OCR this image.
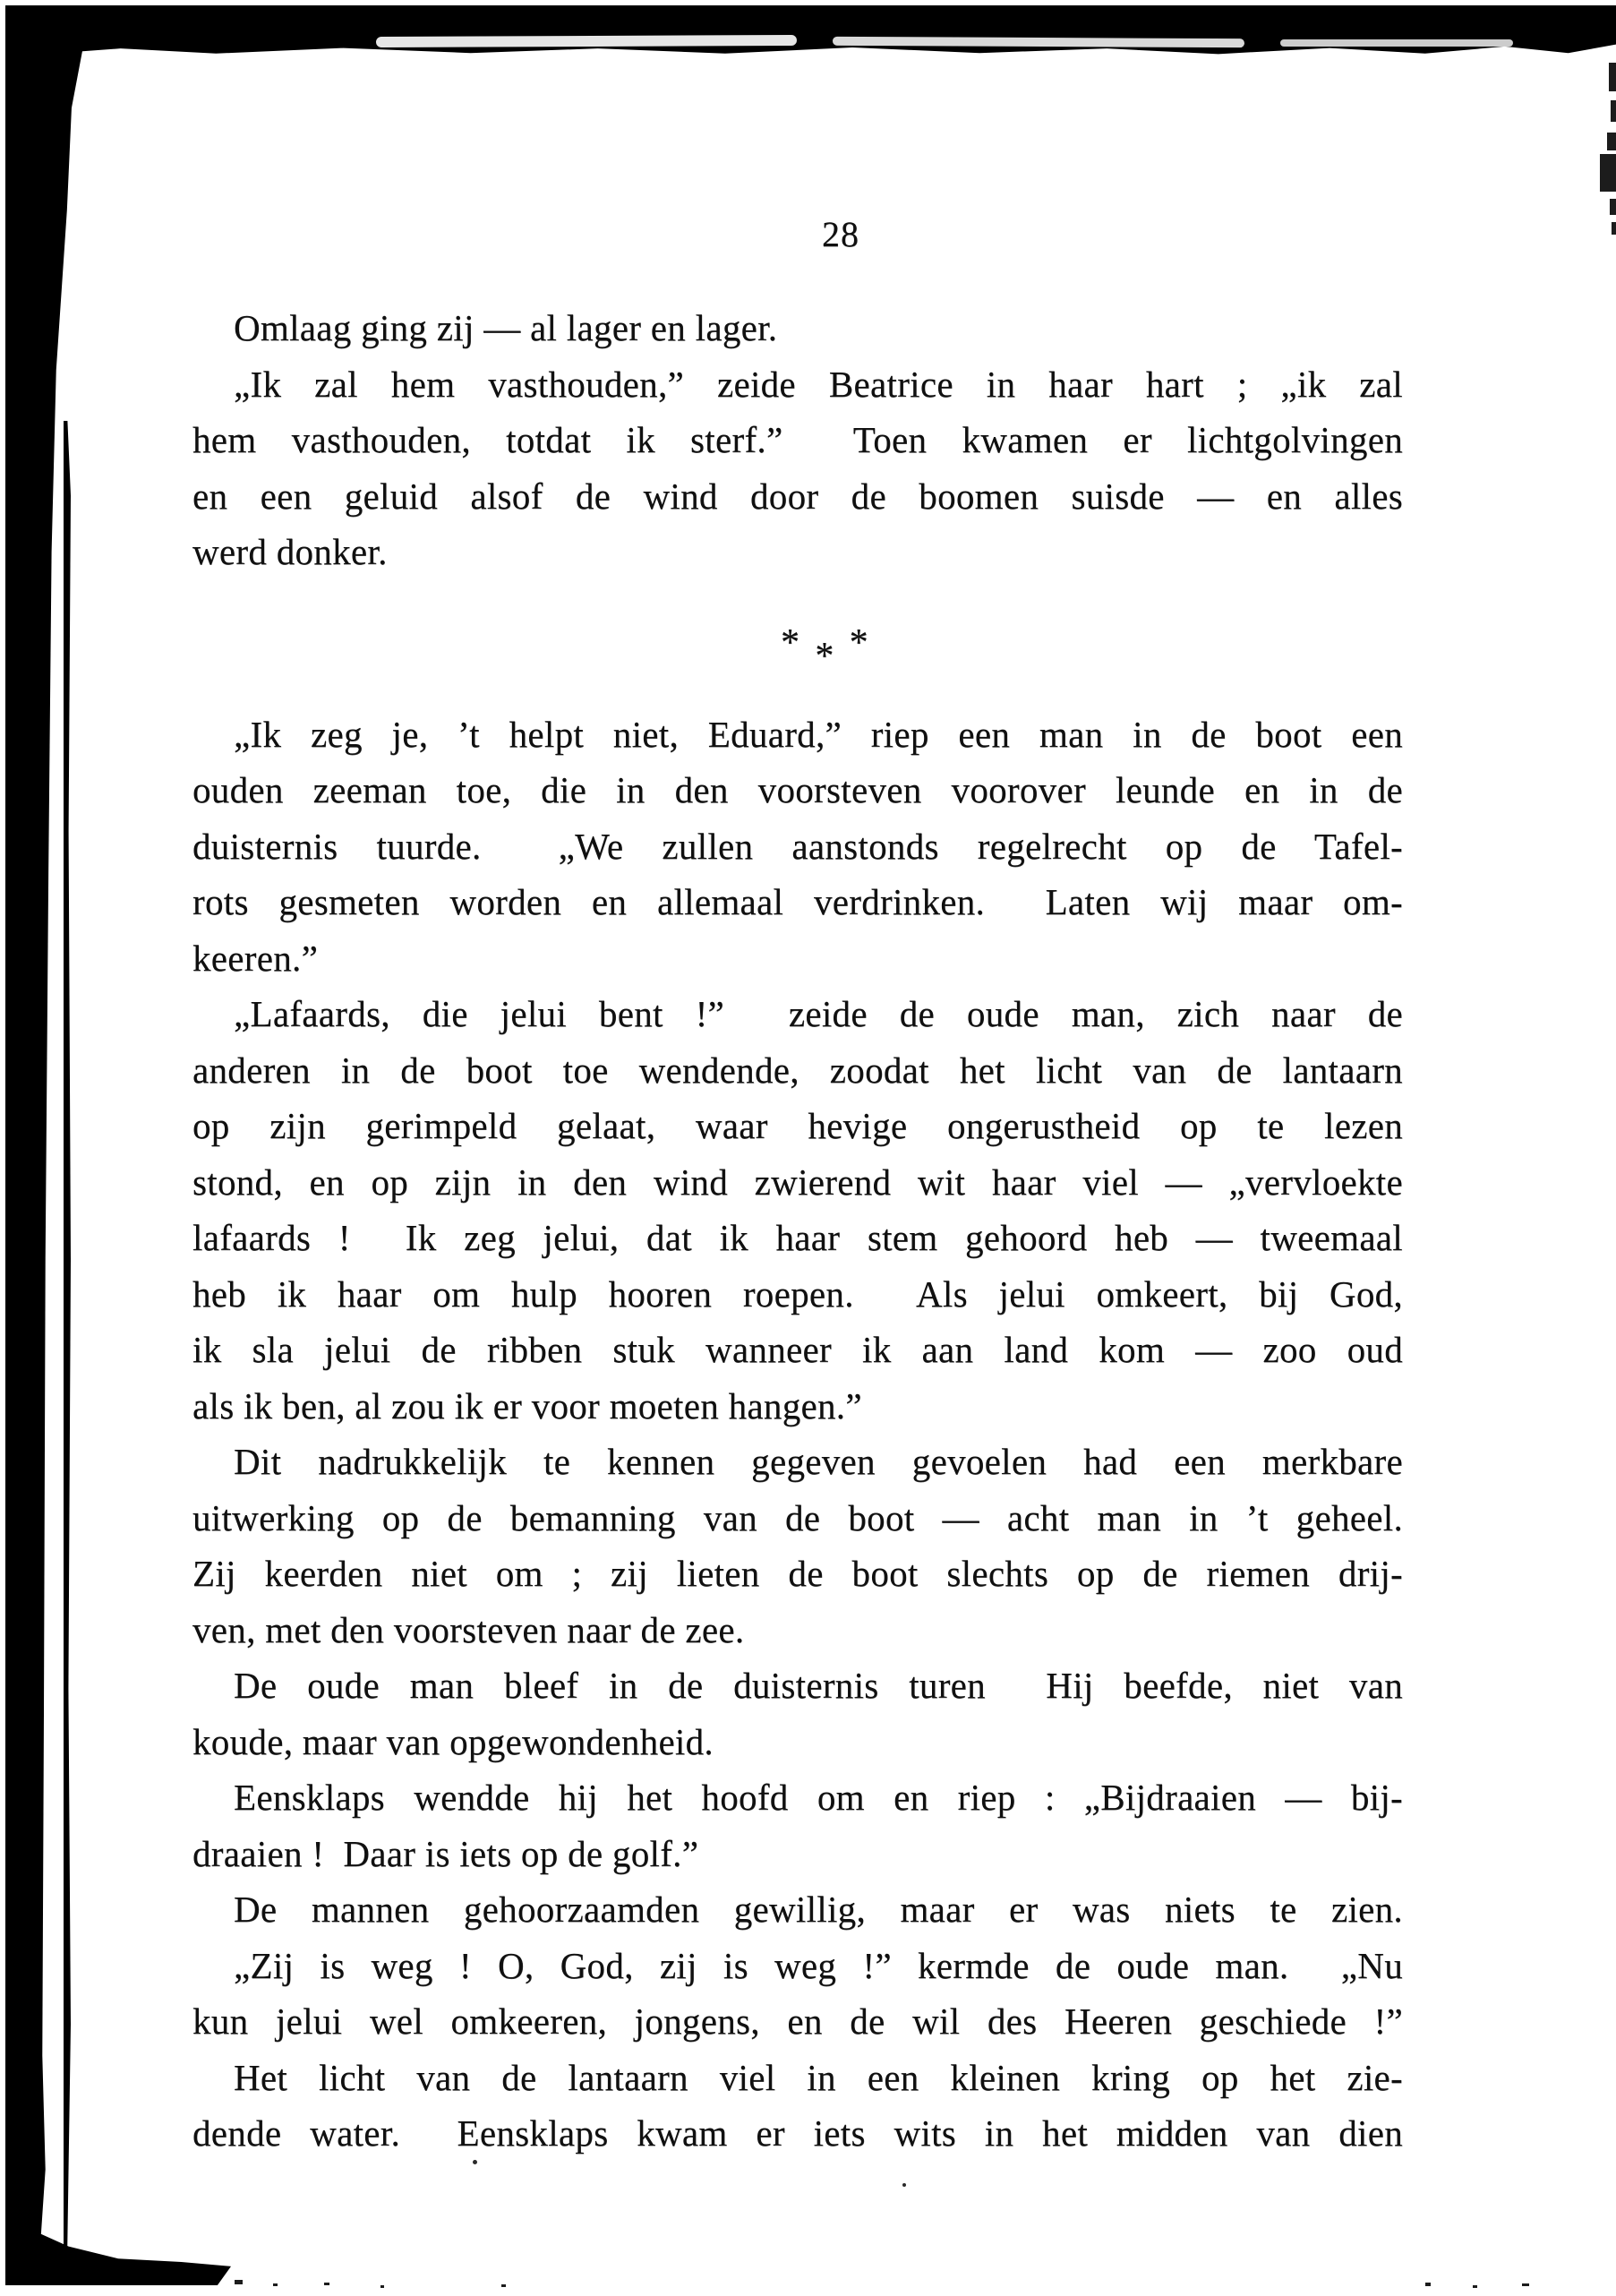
28
Omlaag ging zij — al lager en lager.
„Ik zal hem vasthouden,” zeide Beatrice in haar hart ; „ik zal
hem vasthouden, totdat ik sterf.”  Toen kwamen er lichtgolvingen
en een geluid alsof de wind door de boomen suisde — en alles
werd donker.
* * *
„Ik zeg je, ’t helpt niet, Eduard,” riep een man in de boot een
ouden zeeman toe, die in den voorsteven voorover leunde en in de
duisternis tuurde.  „We zullen aanstonds regelrecht op de Tafel-
rots gesmeten worden en allemaal verdrinken.  Laten wij maar om-
keeren.”
„Lafaards, die jelui bent !”  zeide de oude man, zich naar de
anderen in de boot toe wendende, zoodat het licht van de lantaarn
op zijn gerimpeld gelaat, waar hevige ongerustheid op te lezen
stond, en op zijn in den wind zwierend wit haar viel — „vervloekte
lafaards !  Ik zeg jelui, dat ik haar stem gehoord heb — tweemaal
heb ik haar om hulp hooren roepen.  Als jelui omkeert, bij God,
ik sla jelui de ribben stuk wanneer ik aan land kom — zoo oud
als ik ben, al zou ik er voor moeten hangen.”
Dit nadrukkelijk te kennen gegeven gevoelen had een merkbare
uitwerking op de bemanning van de boot — acht man in ’t geheel.
Zij keerden niet om ; zij lieten de boot slechts op de riemen drij-
ven, met den voorsteven naar de zee.
De oude man bleef in de duisternis turen  Hij beefde, niet van
koude, maar van opgewondenheid.
Eensklaps wendde hij het hoofd om en riep : „Bijdraaien — bij-
draaien !  Daar is iets op de golf.”
De mannen gehoorzaamden gewillig, maar er was niets te zien.
„Zij is weg ! O, God, zij is weg !” kermde de oude man.  „Nu
kun jelui wel omkeeren, jongens, en de wil des Heeren geschiede !”
Het licht van de lantaarn viel in een kleinen kring op het zie-
dende water.  Eensklaps kwam er iets wits in het midden van dien
